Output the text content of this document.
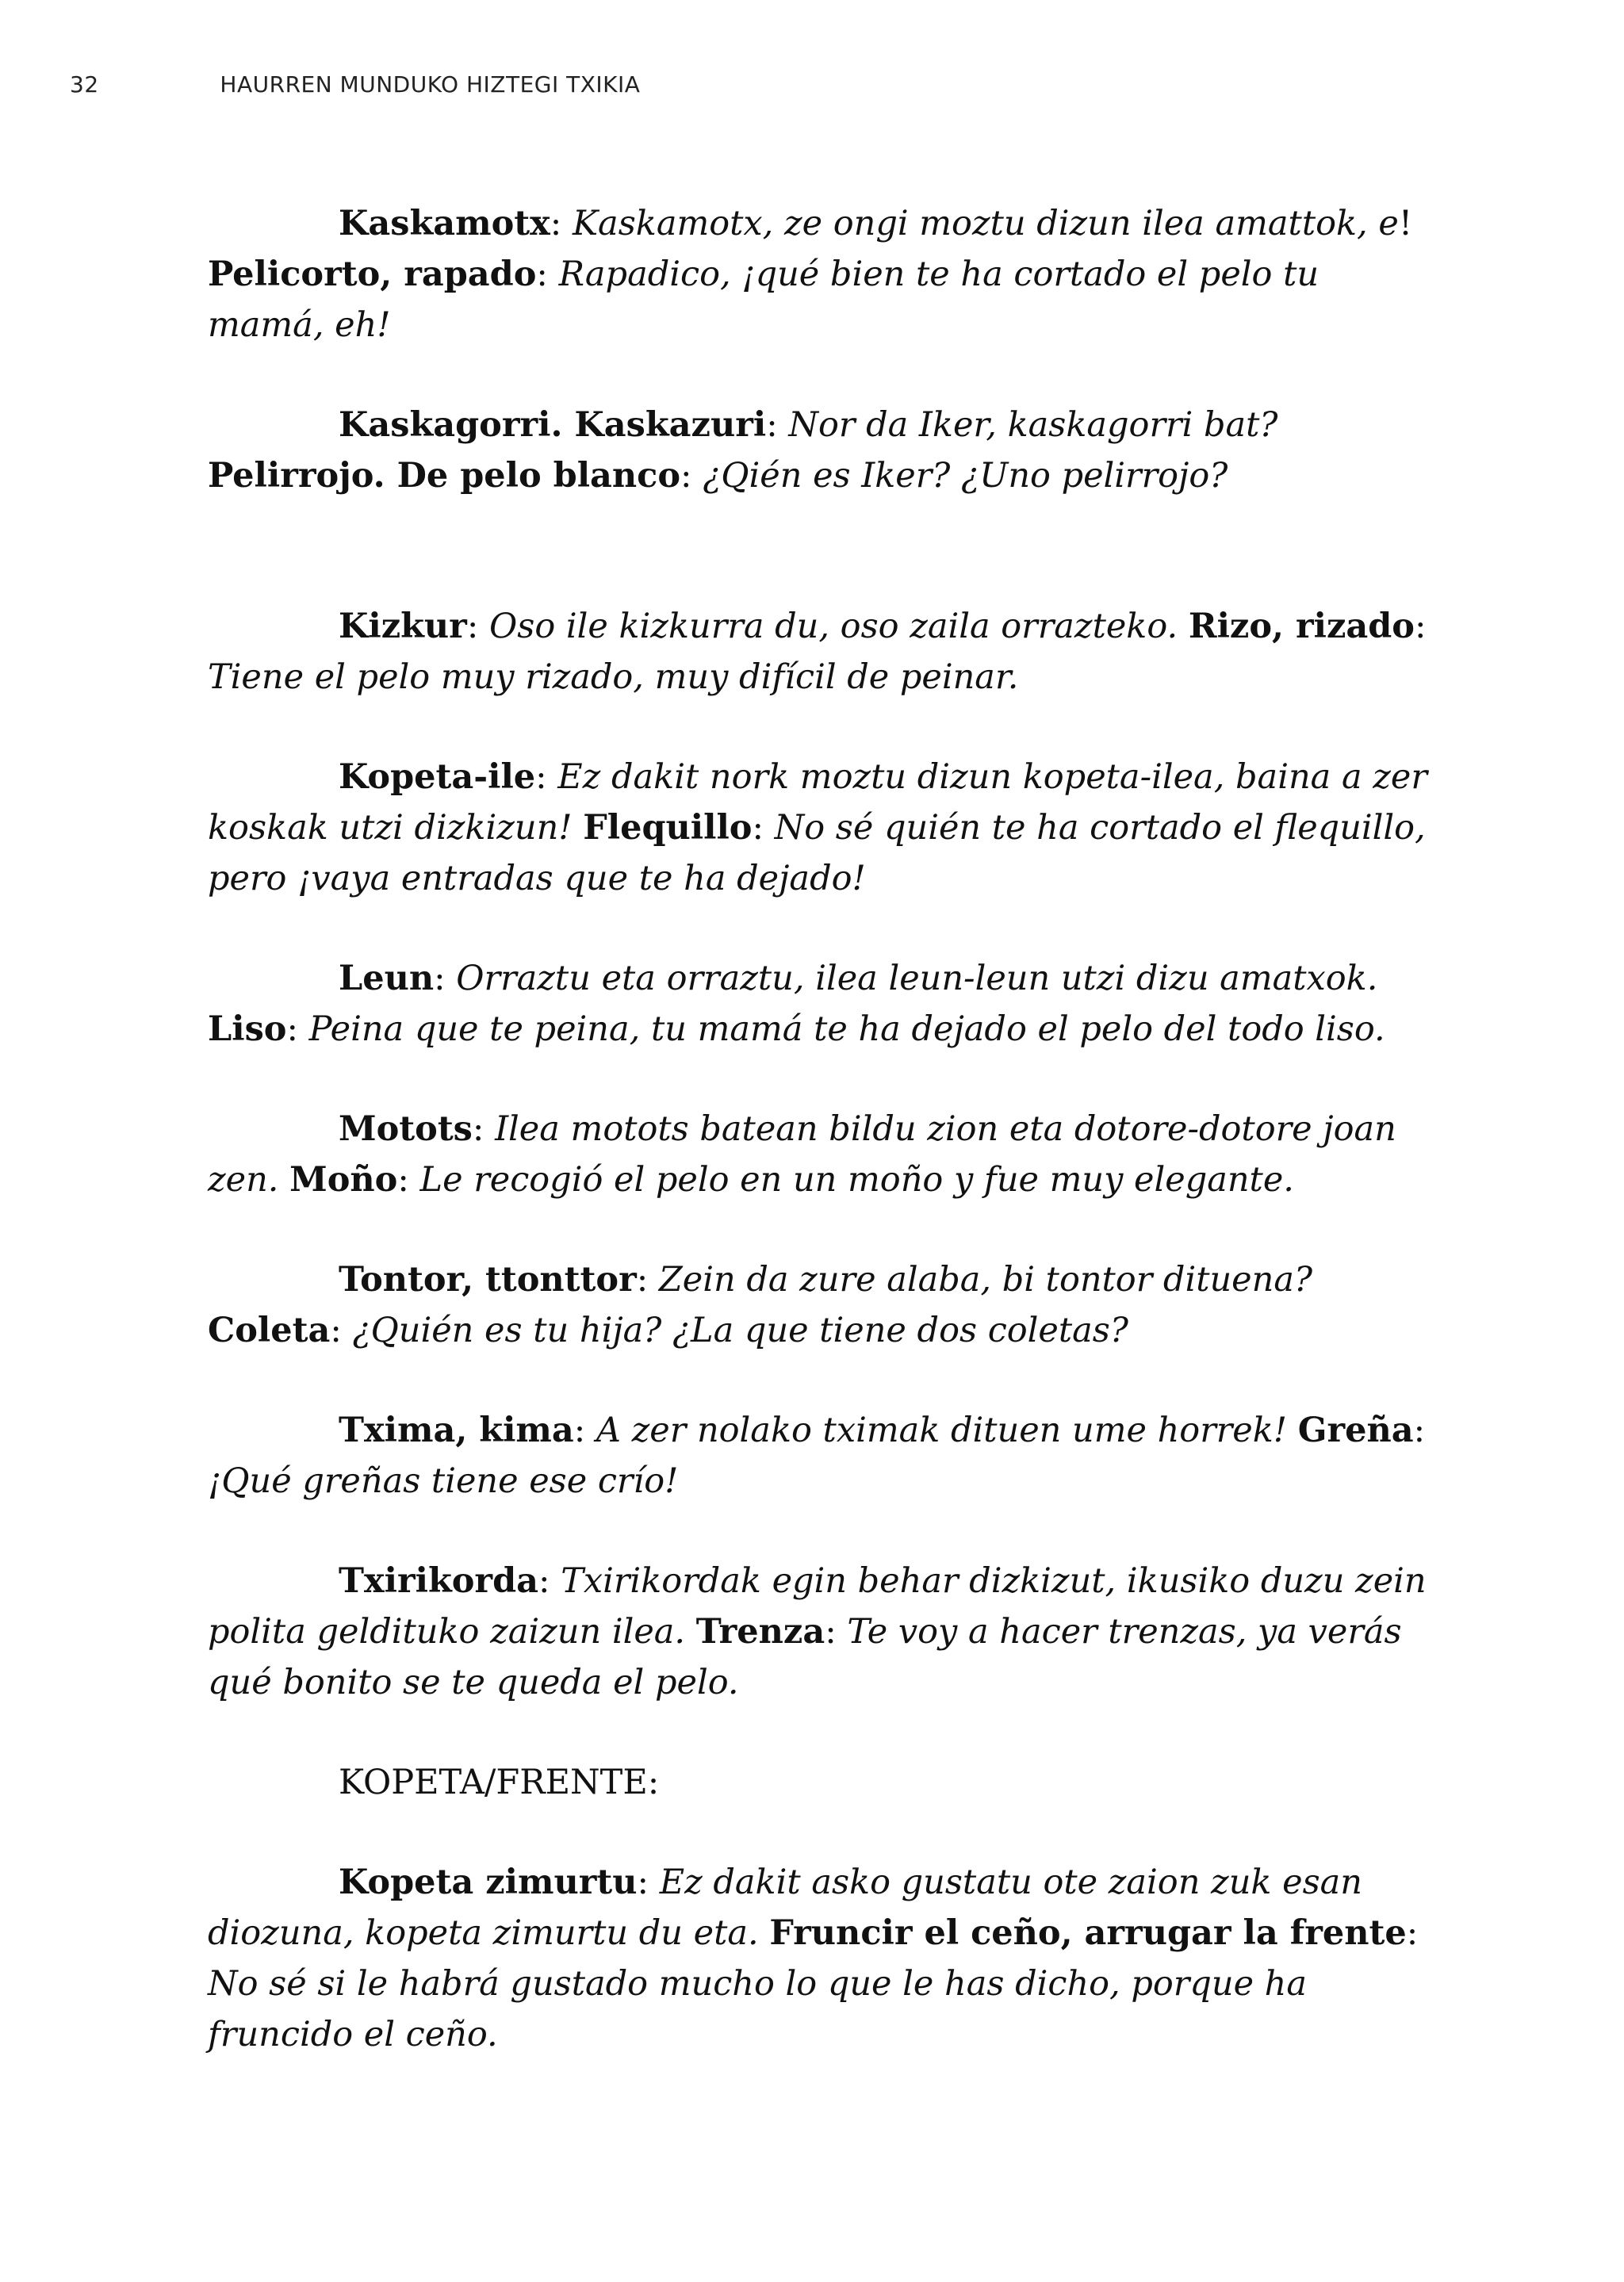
32	HAURREN MUNDUKO HIZTEGI TXIKIA

Kaskamotx: Kaskamotx, ze ongi moztu dizun ilea amattok, e! Pelicorto, rapado: Rapadico, ¡qué bien te ha cortado el pelo tu mamá, eh!

Kaskagorri. Kaskazuri: Nor da Iker, kaskagorri bat? Pelirrojo. De pelo blanco: ¿Qién es Iker? ¿Uno pelirrojo?

Kizkur: Oso ile kizkurra du, oso zaila orrazteko. Rizo, rizado: Tiene el pelo muy rizado, muy difícil de peinar.

Kopeta-ile: Ez dakit nork moztu dizun kopeta-ilea, baina a zer koskak utzi dizkizun! Flequillo: No sé quién te ha cortado el flequillo, pero ¡vaya entradas que te ha dejado!

Leun: Orraztu eta orraztu, ilea leun-leun utzi dizu amatxok. Liso: Peina que te peina, tu mamá te ha dejado el pelo del todo liso.

Motots: Ilea motots batean bildu zion eta dotore-dotore joan zen. Moño: Le recogió el pelo en un moño y fue muy elegante.

Tontor, ttonttor: Zein da zure alaba, bi tontor dituena? Coleta: ¿Quién es tu hija? ¿La que tiene dos coletas?

Txima, kima: A zer nolako tximak dituen ume horrek! Greña: ¡Qué greñas tiene ese crío!

Txirikorda: Txirikordak egin behar dizkizut, ikusiko duzu zein polita geldituko zaizun ilea. Trenza: Te voy a hacer trenzas, ya verás qué bonito se te queda el pelo.

KOPETA/FRENTE:

Kopeta zimurtu: Ez dakit asko gustatu ote zaion zuk esan diozuna, kopeta zimurtu du eta. Fruncir el ceño, arrugar la frente: No sé si le habrá gustado mucho lo que le has dicho, porque ha fruncido el ceño.
